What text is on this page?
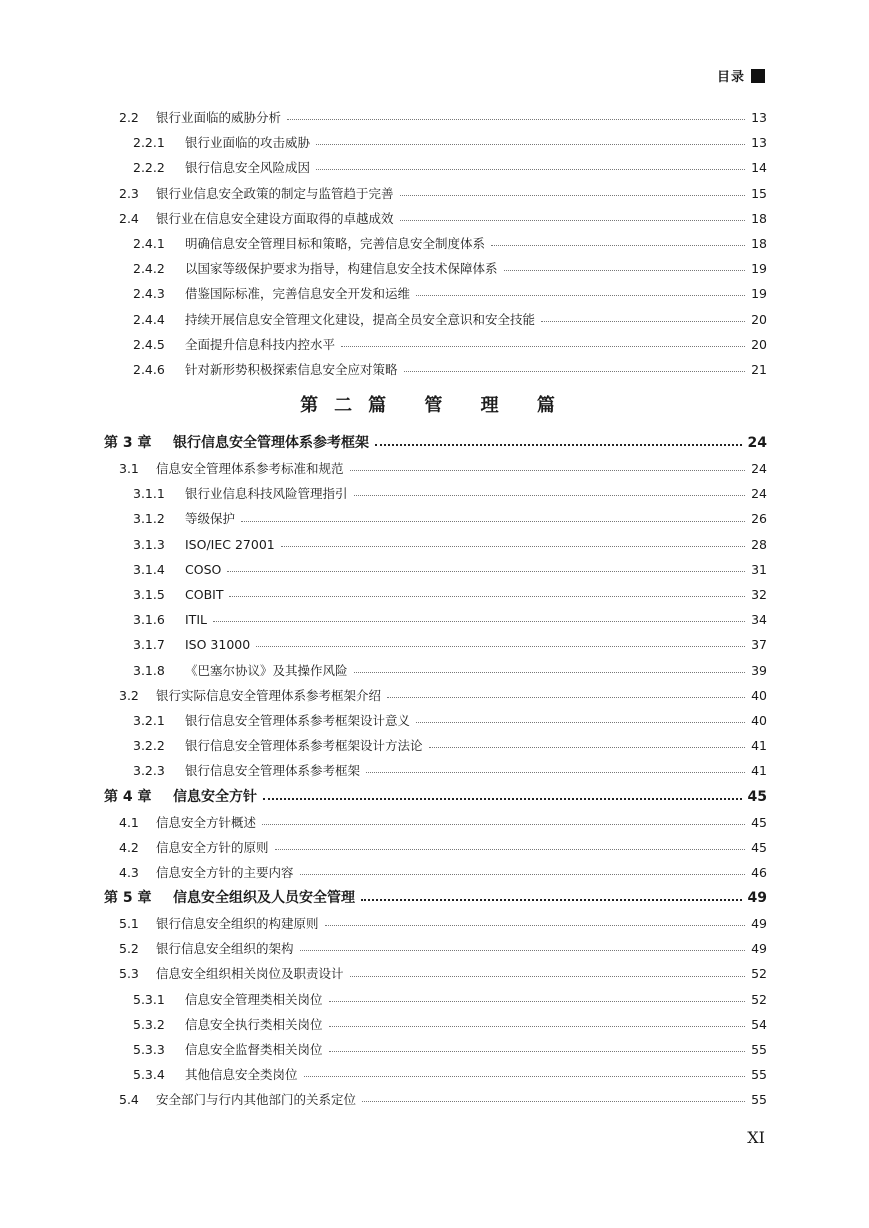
目录
2.2	银行业面临的威胁分析	13
2.2.1	银行业面临的攻击威胁	13
2.2.2	银行信息安全风险成因	14
2.3	银行业信息安全政策的制定与监管趋于完善	15
2.4	银行业在信息安全建设方面取得的卓越成效	18
2.4.1	明确信息安全管理目标和策略，完善信息安全制度体系	18
2.4.2	以国家等级保护要求为指导，构建信息安全技术保障体系	19
2.4.3	借鉴国际标准，完善信息安全开发和运维	19
2.4.4	持续开展信息安全管理文化建设，提高全员安全意识和安全技能	20
2.4.5	全面提升信息科技内控水平	20
2.4.6	针对新形势积极探索信息安全应对策略	21
第二篇 管 理 篇
第 3 章	银行信息安全管理体系参考框架	24
3.1	信息安全管理体系参考标准和规范	24
3.1.1	银行业信息科技风险管理指引	24
3.1.2	等级保护	26
3.1.3	ISO/IEC 27001	28
3.1.4	COSO	31
3.1.5	COBIT	32
3.1.6	ITIL	34
3.1.7	ISO 31000	37
3.1.8	《巴塞尔协议》及其操作风险	39
3.2	银行实际信息安全管理体系参考框架介绍	40
3.2.1	银行信息安全管理体系参考框架设计意义	40
3.2.2	银行信息安全管理体系参考框架设计方法论	41
3.2.3	银行信息安全管理体系参考框架	41
第 4 章	信息安全方针	45
4.1	信息安全方针概述	45
4.2	信息安全方针的原则	45
4.3	信息安全方针的主要内容	46
第 5 章	信息安全组织及人员安全管理	49
5.1	银行信息安全组织的构建原则	49
5.2	银行信息安全组织的架构	49
5.3	信息安全组织相关岗位及职责设计	52
5.3.1	信息安全管理类相关岗位	52
5.3.2	信息安全执行类相关岗位	54
5.3.3	信息安全监督类相关岗位	55
5.3.4	其他信息安全类岗位	55
5.4	安全部门与行内其他部门的关系定位	55
XI
